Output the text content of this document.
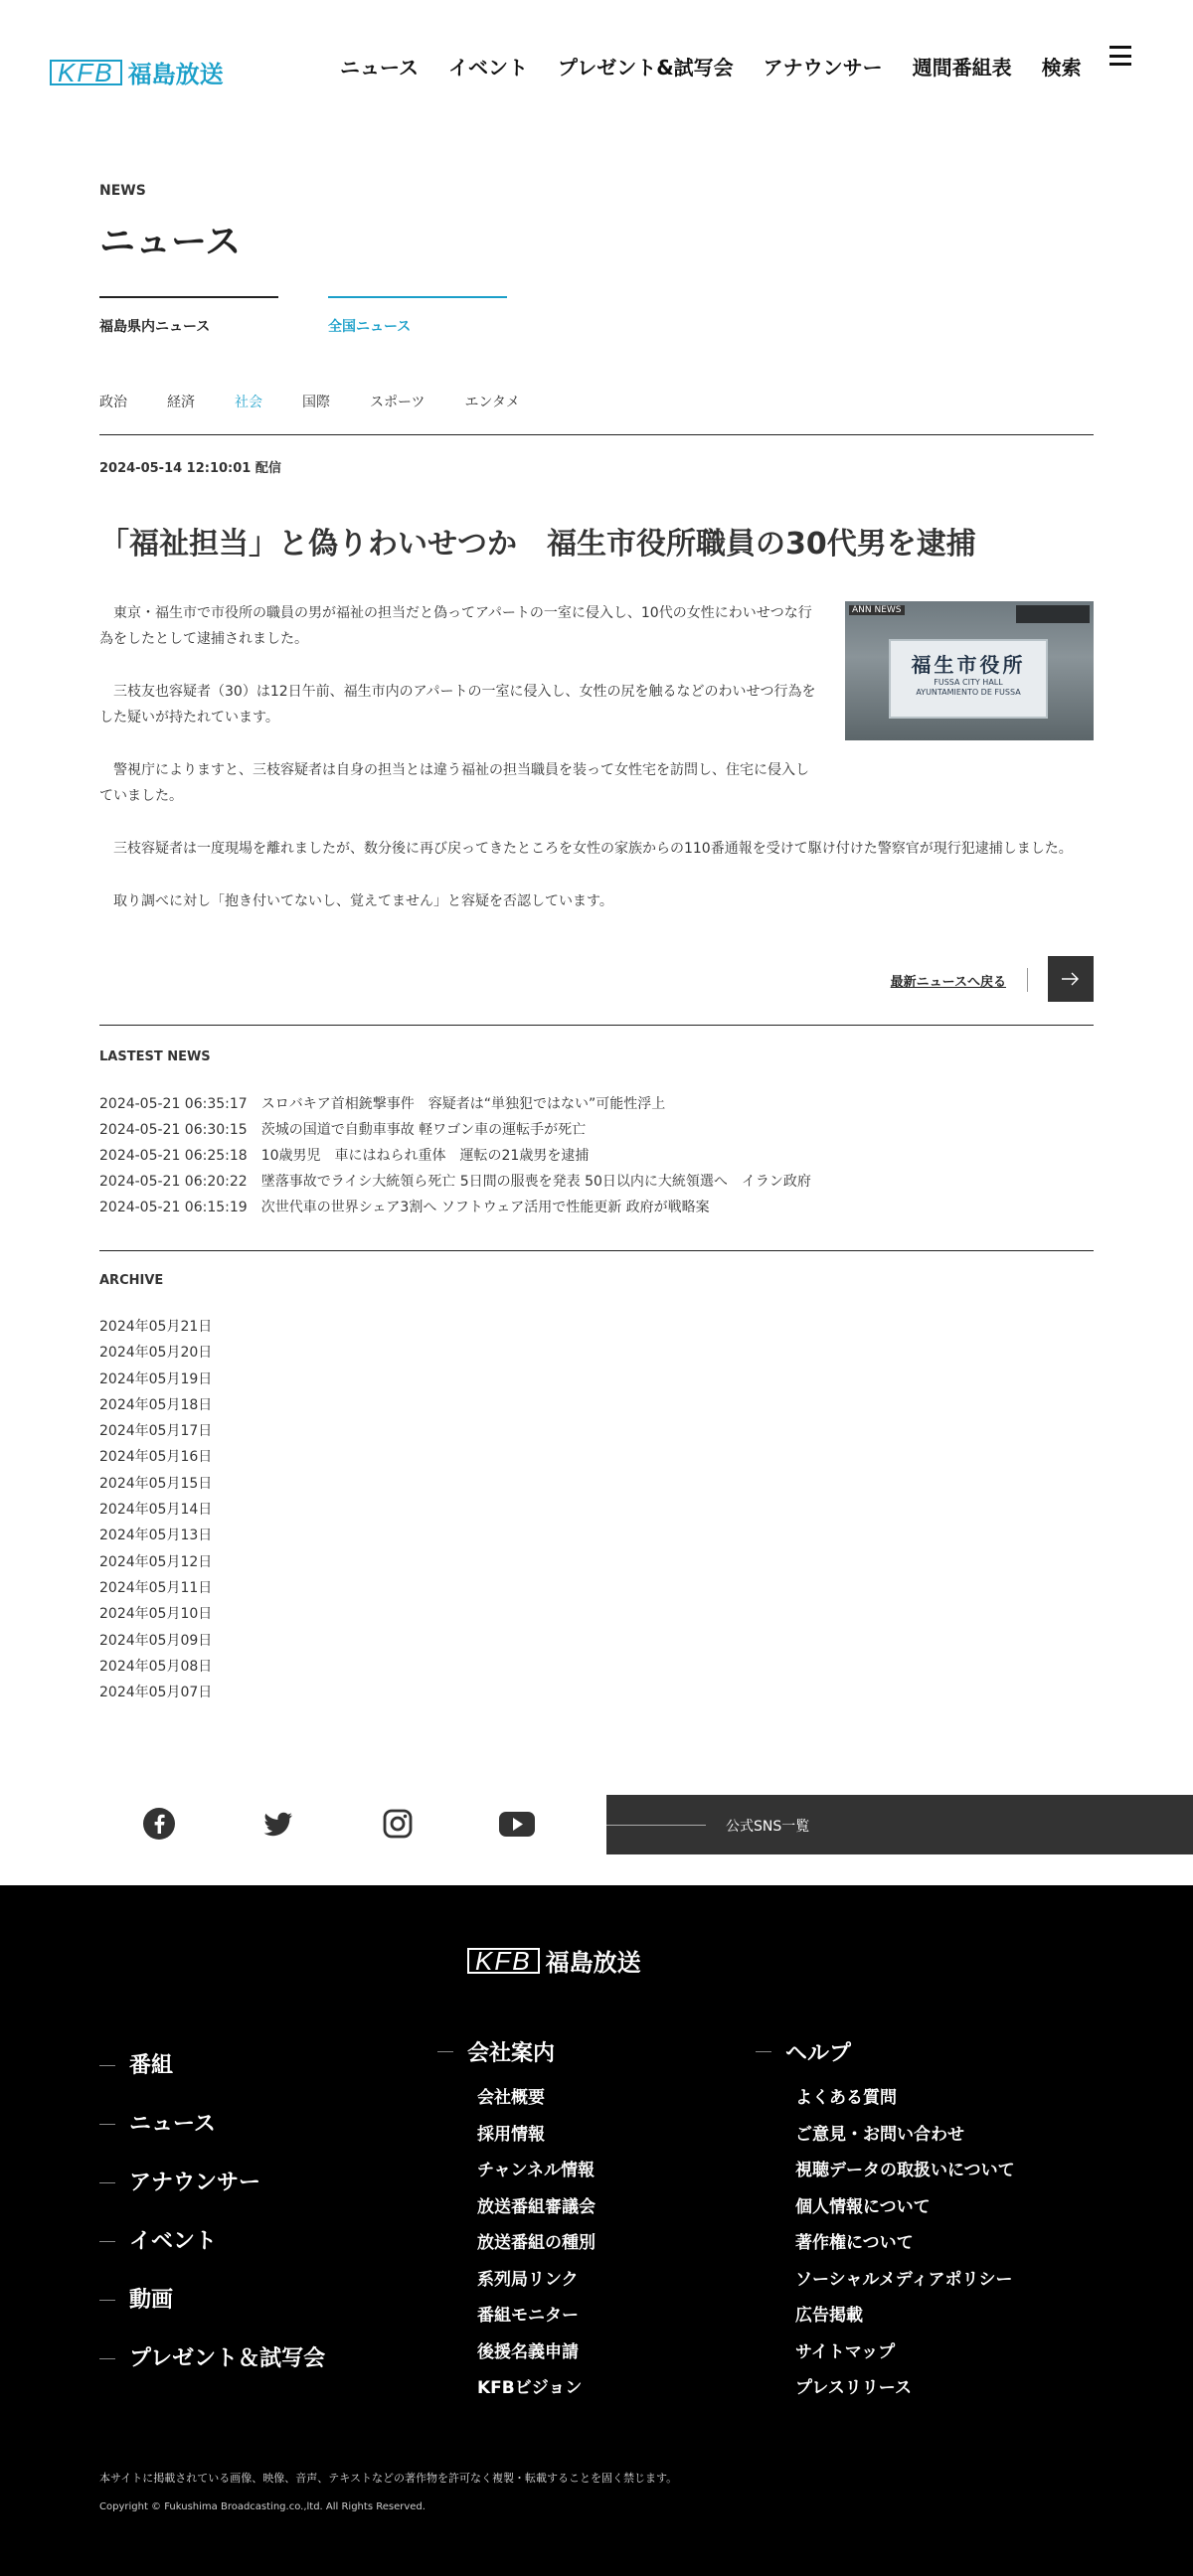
KFB 福島放送	ニュース イベント プレゼント&試写会 アナウンサー 週間番組表 検索
NEWS
ニュース
福島県内ニュース	全国ニュース
政治	経済	社会	国際	スポーツ	エンタメ
2024-05-14 12:10:01 配信
「福祉担当」と偽りわいせつか　福生市役所職員の30代男を逮捕

東京・福生市で市役所の職員の男が福祉の担当だと偽ってアパートの一室に侵入し、10代の女性にわいせつな行為をしたとして逮捕されました。

三枝友也容疑者（30）は12日午前、福生市内のアパートの一室に侵入し、女性の尻を触るなどのわいせつ行為をした疑いが持たれています。

警視庁によりますと、三枝容疑者は自身の担当とは違う福祉の担当職員を装って女性宅を訪問し、住宅に侵入していました。

三枝容疑者は一度現場を離れましたが、数分後に再び戻ってきたところを女性の家族からの110番通報を受けて駆け付けた警察官が現行犯逮捕しました。

取り調べに対し「抱き付いてないし、覚えてません」と容疑を否認しています。

ANN NEWS
福生市役所
FUSSA CITY HALL
AYUNTAMIENTO DE FUSSA
最新ニュースへ戻る
LASTEST NEWS
2024-05-21 06:35:17 スロバキア首相銃撃事件　容疑者は“単独犯ではない”可能性浮上
2024-05-21 06:30:15 茨城の国道で自動車事故 軽ワゴン車の運転手が死亡
2024-05-21 06:25:18 10歳男児　車にはねられ重体　運転の21歳男を逮捕
2024-05-21 06:20:22 墜落事故でライシ大統領ら死亡 5日間の服喪を発表 50日以内に大統領選へ　イラン政府
2024-05-21 06:15:19 次世代車の世界シェア3割へ ソフトウェア活用で性能更新 政府が戦略案
ARCHIVE
2024年05月21日
2024年05月20日
2024年05月19日
2024年05月18日
2024年05月17日
2024年05月16日
2024年05月15日
2024年05月14日
2024年05月13日
2024年05月12日
2024年05月11日
2024年05月10日
2024年05月09日
2024年05月08日
2024年05月07日
公式SNS一覧
KFB 福島放送
番組
ニュース
アナウンサー
イベント
動画
プレゼント＆試写会
会社案内
会社概要
採用情報
チャンネル情報
放送番組審議会
放送番組の種別
系列局リンク
番組モニター
後援名義申請
KFBビジョン
ヘルプ
よくある質問
ご意見・お問い合わせ
視聴データの取扱いについて
個人情報について
著作権について
ソーシャルメディアポリシー
広告掲載
サイトマップ
プレスリリース
本サイトに掲載されている画像、映像、音声、テキストなどの著作物を許可なく複製・転載することを固く禁じます。
Copyright © Fukushima Broadcasting.co.,ltd. All Rights Reserved.
